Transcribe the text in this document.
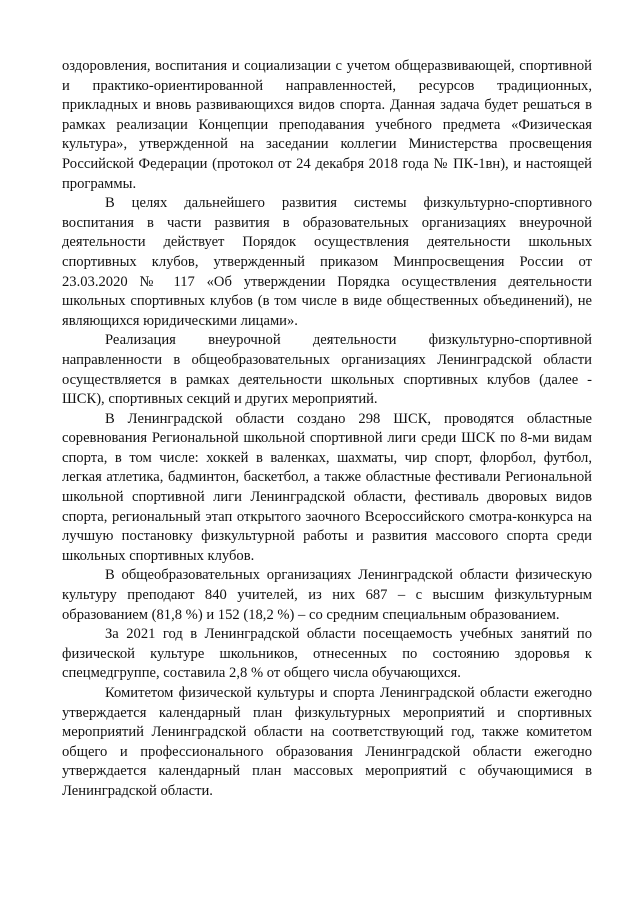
оздоровления, воспитания и социализации с учетом общеразвивающей, спортивной и практико-ориентированной направленностей, ресурсов традиционных, прикладных и вновь развивающихся видов спорта. Данная задача будет решаться в рамках реализации Концепции преподавания учебного предмета «Физическая культура», утвержденной на заседании коллегии Министерства просвещения Российской Федерации (протокол от 24 декабря 2018 года № ПК-1вн), и настоящей программы.

В целях дальнейшего развития системы физкультурно-спортивного воспитания в части развития в образовательных организациях внеурочной деятельности действует Порядок осуществления деятельности школьных спортивных клубов, утвержденный приказом Минпросвещения России от 23.03.2020 № 117 «Об утверждении Порядка осуществления деятельности школьных спортивных клубов (в том числе в виде общественных объединений), не являющихся юридическими лицами».

Реализация внеурочной деятельности физкультурно-спортивной направленности в общеобразовательных организациях Ленинградской области осуществляется в рамках деятельности школьных спортивных клубов (далее - ШСК), спортивных секций и других мероприятий.

В Ленинградской области создано 298 ШСК, проводятся областные соревнования Региональной школьной спортивной лиги среди ШСК по 8-ми видам спорта, в том числе: хоккей в валенках, шахматы, чир спорт, флорбол, футбол, легкая атлетика, бадминтон, баскетбол, а также областные фестивали Региональной школьной спортивной лиги Ленинградской области, фестиваль дворовых видов спорта, региональный этап открытого заочного Всероссийского смотра-конкурса на лучшую постановку физкультурной работы и развития массового спорта среди школьных спортивных клубов.

В общеобразовательных организациях Ленинградской области физическую культуру преподают 840 учителей, из них 687 – с высшим физкультурным образованием (81,8 %) и 152 (18,2 %) – со средним специальным образованием.

За 2021 год в Ленинградской области посещаемость учебных занятий по физической культуре школьников, отнесенных по состоянию здоровья к спецмедгруппе, составила 2,8 % от общего числа обучающихся.

Комитетом физической культуры и спорта Ленинградской области ежегодно утверждается календарный план физкультурных мероприятий и спортивных мероприятий Ленинградской области на соответствующий год, также комитетом общего и профессионального образования Ленинградской области ежегодно утверждается календарный план массовых мероприятий с обучающимися в Ленинградской области.
